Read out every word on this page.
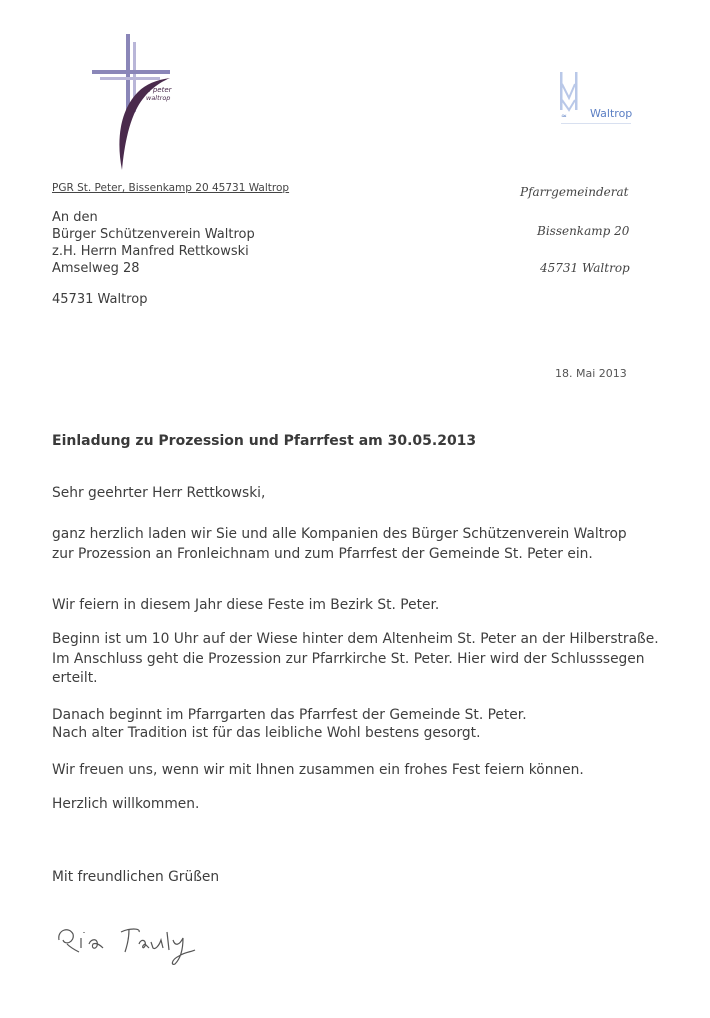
st. peter
waltrop
≈ Waltrop
PGR St. Peter, Bissenkamp 20 45731 Waltrop
An den
Bürger Schützenverein Waltrop
z.H. Herrn Manfred Rettkowski
Amselweg 28
45731 Waltrop
Pfarrgemeinderat
Bissenkamp 20
45731 Waltrop
18. Mai 2013
Einladung zu Prozession und Pfarrfest am 30.05.2013
Sehr geehrter Herr Rettkowski,
ganz herzlich laden wir Sie und alle Kompanien des Bürger Schützenverein Waltrop zur Prozession an Fronleichnam und zum Pfarrfest der Gemeinde St. Peter ein.
Wir feiern in diesem Jahr diese Feste im Bezirk St. Peter.
Beginn ist um 10 Uhr auf der Wiese hinter dem Altenheim St. Peter an der Hilberstraße. Im Anschluss geht die Prozession zur Pfarrkirche St. Peter. Hier wird der Schlusssegen erteilt.
Danach beginnt im Pfarrgarten das Pfarrfest der Gemeinde St. Peter.
Nach alter Tradition ist für das leibliche Wohl bestens gesorgt.
Wir freuen uns, wenn wir mit Ihnen zusammen ein frohes Fest feiern können.
Herzlich willkommen.
Mit freundlichen Grüßen
